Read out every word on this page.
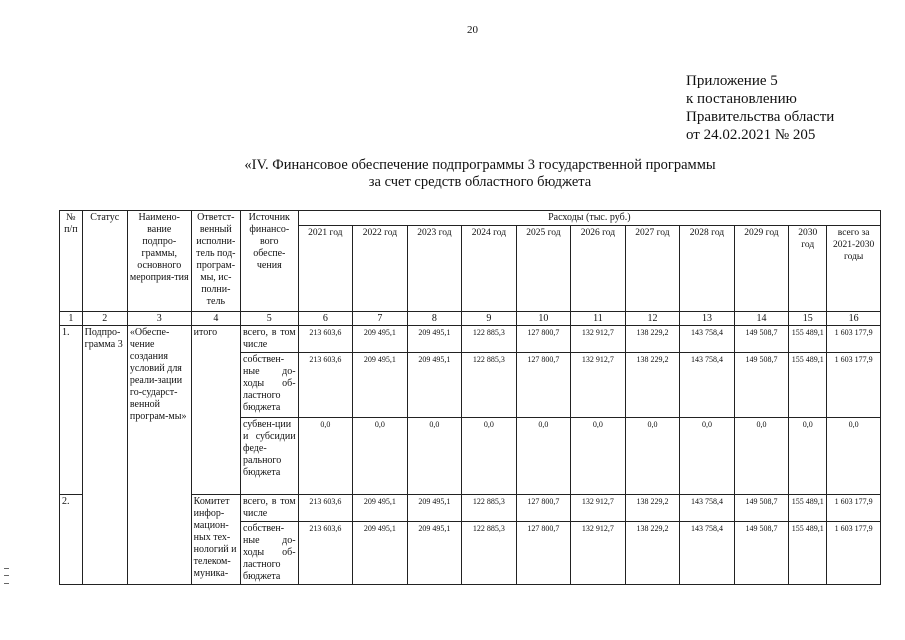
20
Приложение 5
к постановлению
Правительства области
от 24.02.2021 № 205
«IV. Финансовое обеспечение подпрограммы 3 государственной программы
за счет средств областного бюджета
№ п/п	Статус	Наимено-вание подпро-граммы, основного мероприя-тия	Ответст-венный исполни-тель под-програм-мы, ис-полни-тель	Источник финансо-вого обеспе-чения	Расходы (тыс. руб.)										
					2021 год	2022 год	2023 год	2024 год	2025 год	2026 год	2027 год	2028 год	2029 год	2030 год	всего за 2021-2030 годы
1	2	3	4	5	6	7	8	9	10	11	12	13	14	15	16
1.	Подпро-грамма 3	«Обеспе-чение создания условий для реали-зации го-сударст-венной програм-мы»	итого	всего, в том числе	213 603,6	209 495,1	209 495,1	122 885,3	127 800,7	132 912,7	138 229,2	143 758,4	149 508,7	155 489,1	1 603 177,9
				собствен-ные до-ходы об-ластного бюджета	213 603,6	209 495,1	209 495,1	122 885,3	127 800,7	132 912,7	138 229,2	143 758,4	149 508,7	155 489,1	1 603 177,9
				субвен-ции и субсидии феде-рального бюджета	0,0	0,0	0,0	0,0	0,0	0,0	0,0	0,0	0,0	0,0	0,0
2.			Комитет инфор-мацион-ных тех-нологий и телеком-муника-	всего, в том числе	213 603,6	209 495,1	209 495,1	122 885,3	127 800,7	132 912,7	138 229,2	143 758,4	149 508,7	155 489,1	1 603 177,9
				собствен-ные до-ходы об-ластного бюджета	213 603,6	209 495,1	209 495,1	122 885,3	127 800,7	132 912,7	138 229,2	143 758,4	149 508,7	155 489,1	1 603 177,9
